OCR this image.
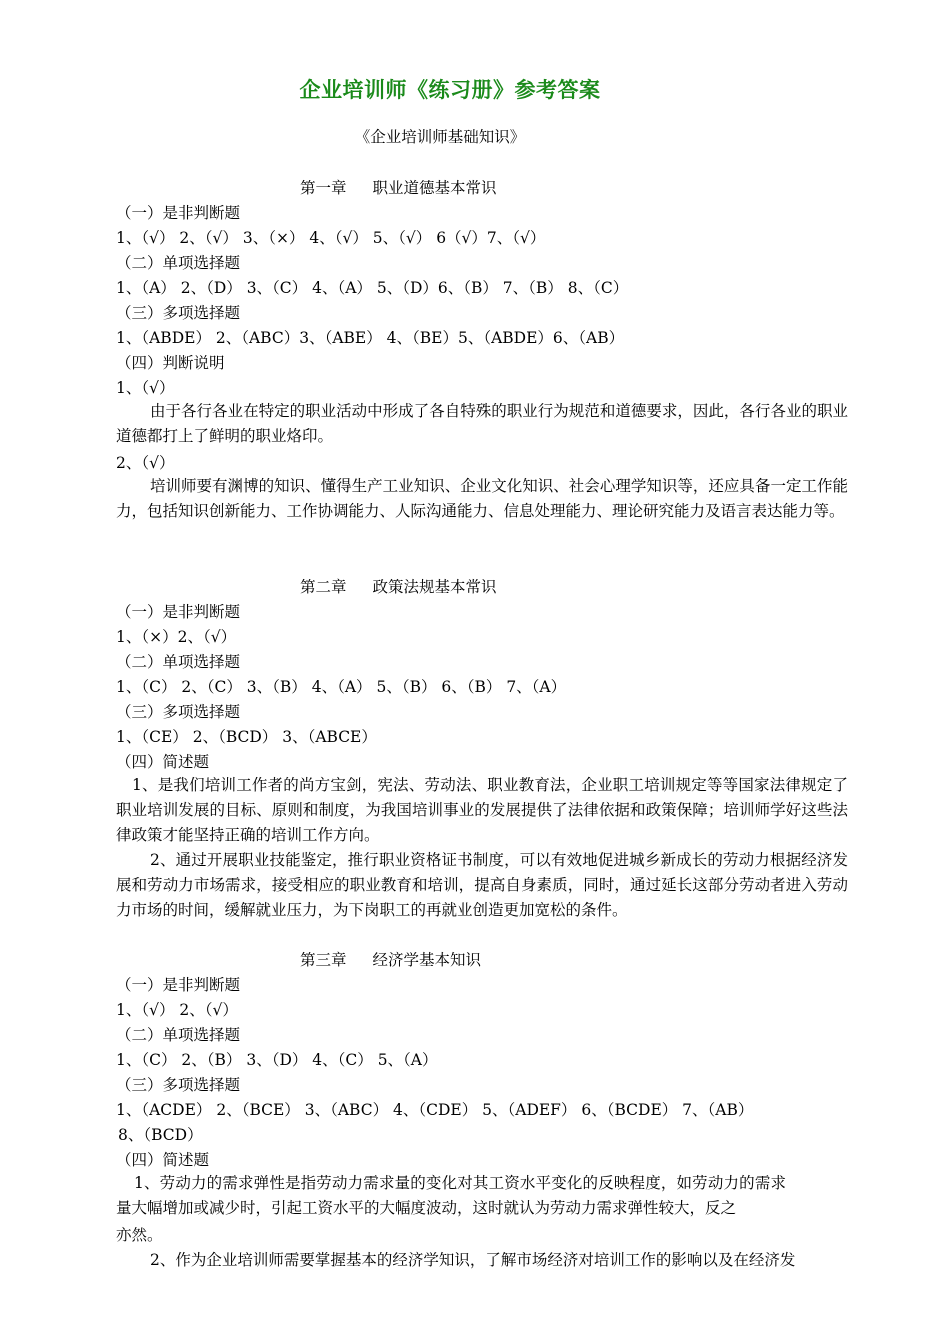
企业培训师《练习册》参考答案
《企业培训师基础知识》
第一章 职业道德基本常识
（一）是非判断题
1、（√） 2、（√） 3、（×） 4、（√） 5、（√） 6（√）7、（√）
（二）单项选择题
1、（A） 2、（D） 3、（C） 4、（A） 5、（D）6、（B） 7、（B） 8、（C）
（三）多项选择题
1、（ABDE） 2、（ABC）3、（ABE） 4、（BE）5、（ABDE）6、（AB）
（四）判断说明
1、（√）
由于各行各业在特定的职业活动中形成了各自特殊的职业行为规范和道德要求，因此，各行各业的职业道德都打上了鲜明的职业烙印。
2、（√）
培训师要有渊博的知识、懂得生产工业知识、企业文化知识、社会心理学知识等，还应具备一定工作能力，包括知识创新能力、工作协调能力、人际沟通能力、信息处理能力、理论研究能力及语言表达能力等。
第二章 政策法规基本常识
（一）是非判断题
1、（×）2、（√）
（二）单项选择题
1、（C） 2、（C） 3、（B） 4、（A） 5、（B） 6、（B） 7、（A）
（三）多项选择题
1、（CE） 2、（BCD） 3、（ABCE）
（四）简述题
1、是我们培训工作者的尚方宝剑，宪法、劳动法、职业教育法，企业职工培训规定等等国家法律规定了职业培训发展的目标、原则和制度，为我国培训事业的发展提供了法律依据和政策保障；培训师学好这些法律政策才能坚持正确的培训工作方向。
2、通过开展职业技能鉴定，推行职业资格证书制度，可以有效地促进城乡新成长的劳动力根据经济发展和劳动力市场需求，接受相应的职业教育和培训，提高自身素质，同时，通过延长这部分劳动者进入劳动力市场的时间，缓解就业压力，为下岗职工的再就业创造更加宽松的条件。
第三章 经济学基本知识
（一）是非判断题
1、（√） 2、（√）
（二）单项选择题
1、（C） 2、（B） 3、（D） 4、（C） 5、（A）
（三）多项选择题
1、（ACDE） 2、（BCE） 3、（ABC） 4、（CDE） 5、（ADEF） 6、（BCDE） 7、（AB）
8、（BCD）
（四）简述题
1、劳动力的需求弹性是指劳动力需求量的变化对其工资水平变化的反映程度，如劳动力的需求量大幅增加或减少时，引起工资水平的大幅度波动，这时就认为劳动力需求弹性较大，反之
亦然。
2、作为企业培训师需要掌握基本的经济学知识，了解市场经济对培训工作的影响以及在经济发
